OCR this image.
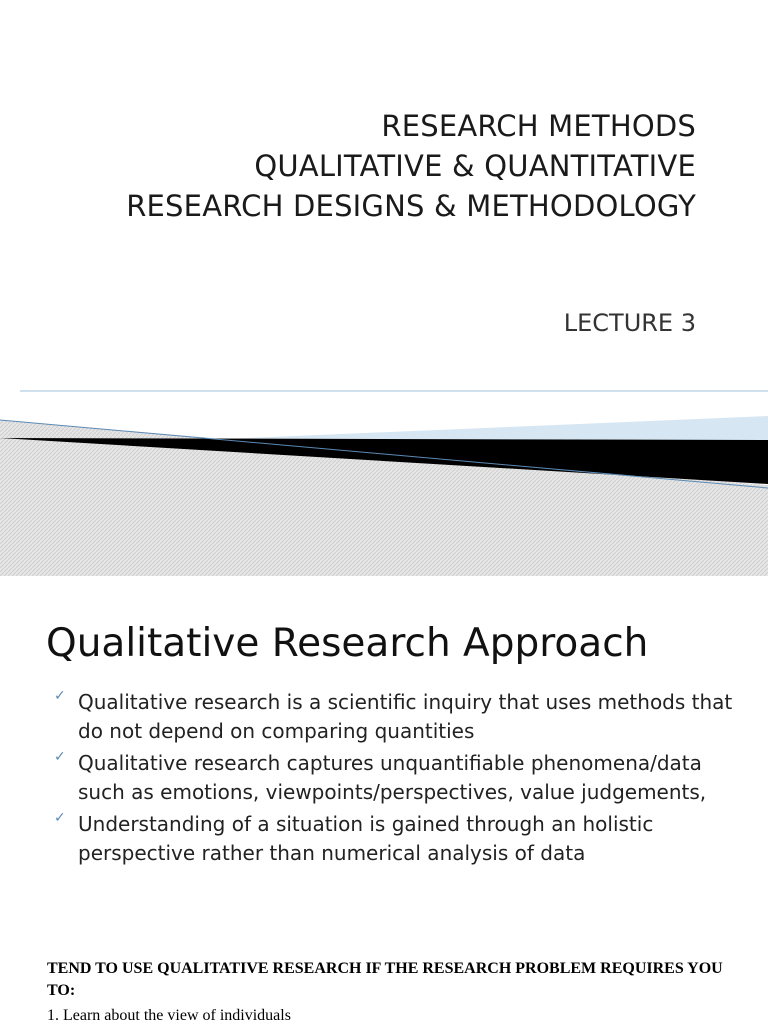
RESEARCH METHODS
QUALITATIVE & QUANTITATIVE
RESEARCH DESIGNS & METHODOLOGY
LECTURE 3
Qualitative Research Approach
✓ Qualitative research is a scientific inquiry that uses methods that do not depend on comparing quantities
✓ Qualitative research captures unquantifiable phenomena/data such as emotions, viewpoints/perspectives, value judgements,
✓ Understanding of a situation is gained through an holistic perspective rather than numerical analysis of data
TEND TO USE QUALITATIVE RESEARCH IF THE RESEARCH PROBLEM REQUIRES YOU TO:
1. Learn about the view of individuals
